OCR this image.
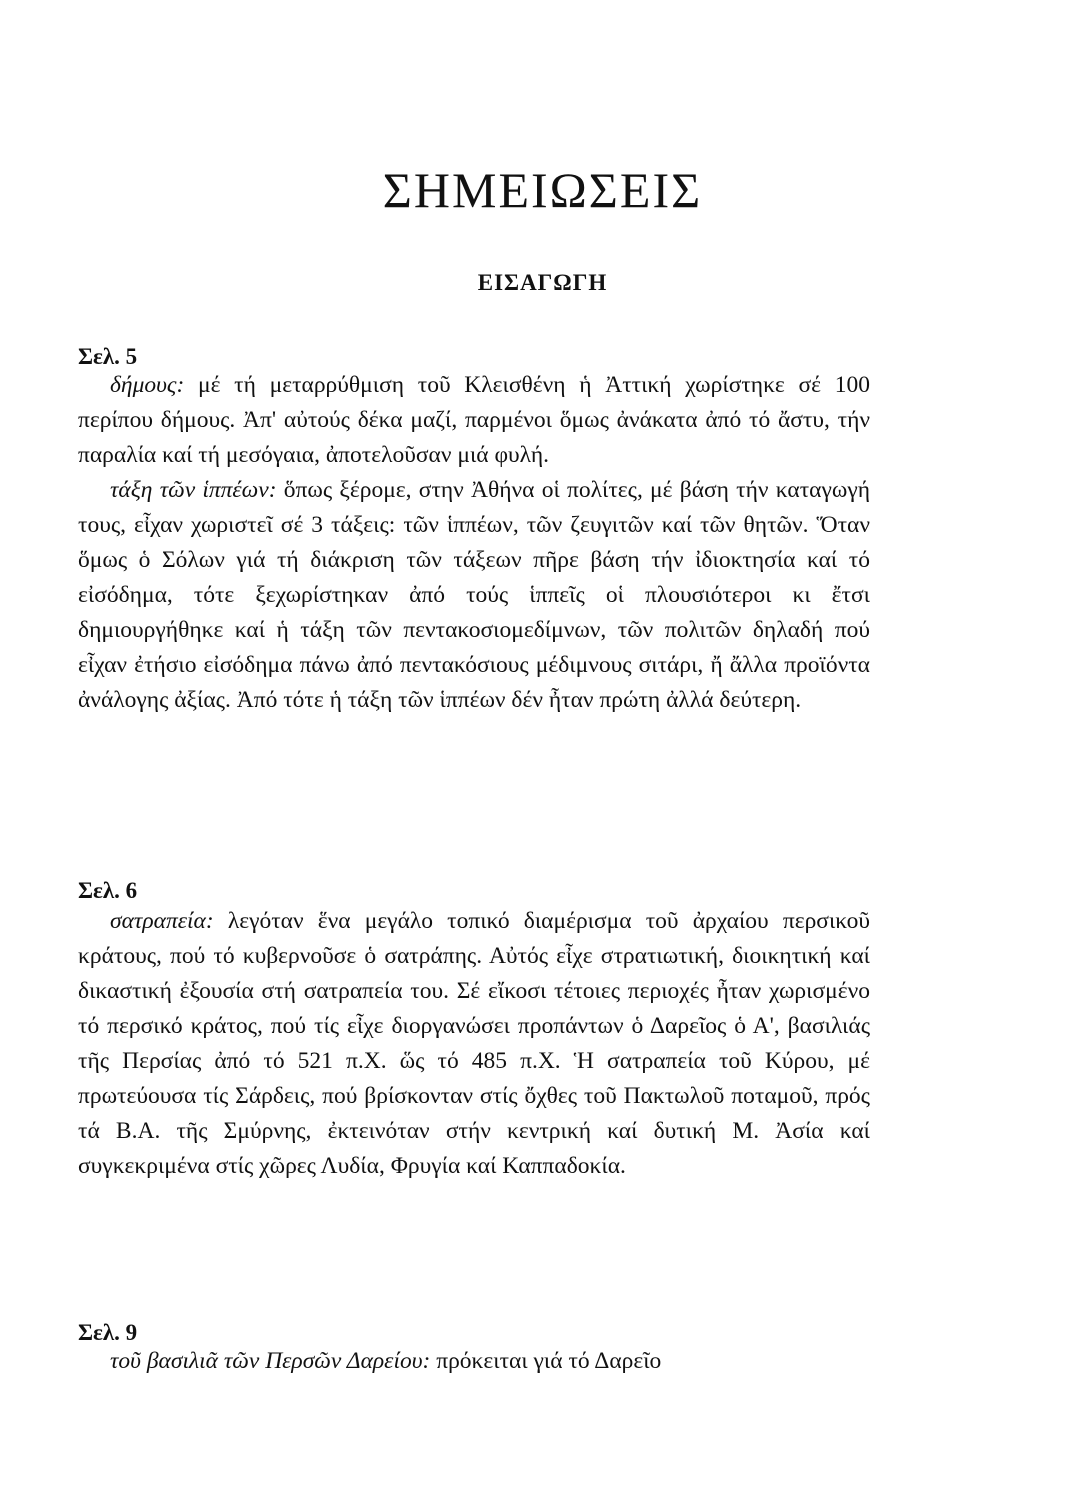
ΣΗΜΕΙΩΣΕΙΣ
ΕΙΣΑΓΩΓΗ
Σελ. 5

δήμους: μέ τή μεταρρύθμιση τοῦ Κλεισθένη ἡ Ἀττική χωρίστηκε σέ 100 περίπου δήμους. Ἀπ' αὐτούς δέκα μαζί, παρμένοι ὅμως ἀνάκατα ἀπό τό ἄστυ, τήν παραλία καί τή μεσόγαια, ἀποτελοῦσαν μιά φυλή.

τάξη τῶν ἱππέων: ὅπως ξέρομε, στην Ἀθήνα οἱ πολίτες, μέ βάση τήν καταγωγή τους, εἶχαν χωριστεῖ σέ 3 τάξεις: τῶν ἱππέων, τῶν ζευγιτῶν καί τῶν θητῶν. Ὅταν ὅμως ὁ Σόλων γιά τή διάκριση τῶν τάξεων πῆρε βάση τήν ἰδιοκτησία καί τό εἰσόδημα, τότε ξεχωρίστηκαν ἀπό τούς ἱππεῖς οἱ πλουσιότεροι κι ἔτσι δημιουργήθηκε καί ἡ τάξη τῶν πεντακοσιομεδίμνων, τῶν πολιτῶν δηλαδή πού εἶχαν ἐτήσιο εἰσόδημα πάνω ἀπό πεντακόσιους μέδιμνους σιτάρι, ἤ ἄλλα προϊόντα ἀνάλογης ἀξίας. Ἀπό τότε ἡ τάξη τῶν ἱππέων δέν ἦταν πρώτη ἀλλά δεύτερη.

Σελ. 6

σατραπεία: λεγόταν ἕνα μεγάλο τοπικό διαμέρισμα τοῦ ἀρχαίου περσικοῦ κράτους, πού τό κυβερνοῦσε ὁ σατράπης. Αὐτός εἶχε στρατιωτική, διοικητική καί δικαστική ἐξουσία στή σατραπεία του. Σέ εἴκοσι τέτοιες περιοχές ἦταν χωρισμένο τό περσικό κράτος, πού τίς εἶχε διοργανώσει προπάντων ὁ Δαρεῖος ὁ Α', βασιλιάς τῆς Περσίας ἀπό τό 521 π.Χ. ὥς τό 485 π.Χ. Ἡ σατραπεία τοῦ Κύρου, μέ πρωτεύουσα τίς Σάρδεις, πού βρίσκονταν στίς ὄχθες τοῦ Πακτωλοῦ ποταμοῦ, πρός τά Β.Α. τῆς Σμύρνης, ἐκτεινόταν στήν κεντρική καί δυτική Μ. Ἀσία καί συγκεκριμένα στίς χῶρες Λυδία, Φρυγία καί Καππαδοκία.

Σελ. 9

τοῦ βασιλιᾶ τῶν Περσῶν Δαρείου: πρόκειται γιά τό Δαρεῖο
